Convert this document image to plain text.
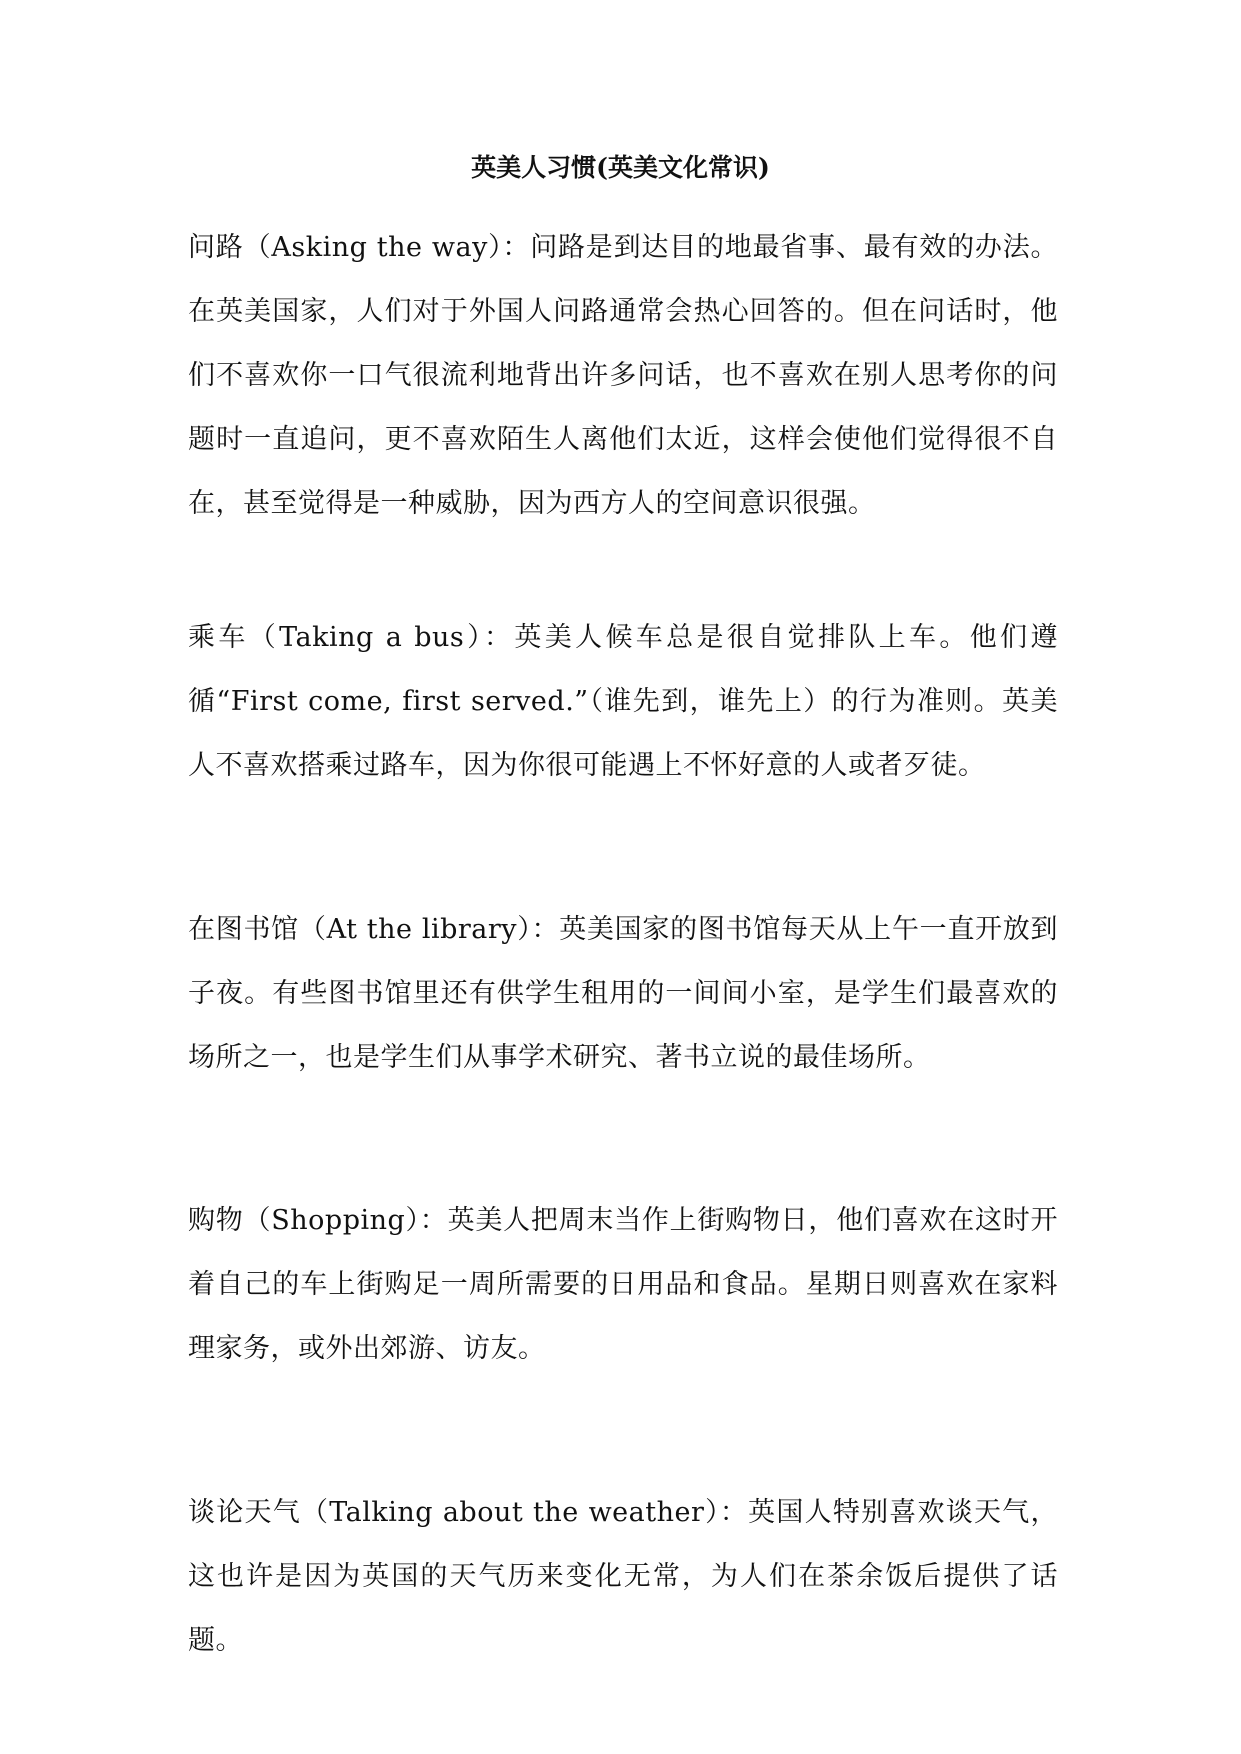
英美人习惯(英美文化常识)

问路（Asking the way）：问路是到达目的地最省事、最有效的办法。在英美国家，人们对于外国人问路通常会热心回答的。但在问话时，他们不喜欢你一口气很流利地背出许多问话，也不喜欢在别人思考你的问题时一直追问，更不喜欢陌生人离他们太近，这样会使他们觉得很不自在，甚至觉得是一种威胁，因为西方人的空间意识很强。

乘车（Taking a bus）：英美人候车总是很自觉排队上车。他们遵循“First come, first served.”（谁先到，谁先上）的行为准则。英美人不喜欢搭乘过路车，因为你很可能遇上不怀好意的人或者歹徒。

在图书馆（At the library）：英美国家的图书馆每天从上午一直开放到子夜。有些图书馆里还有供学生租用的一间间小室，是学生们最喜欢的场所之一，也是学生们从事学术研究、著书立说的最佳场所。

购物（Shopping）：英美人把周末当作上街购物日，他们喜欢在这时开着自己的车上街购足一周所需要的日用品和食品。星期日则喜欢在家料理家务，或外出郊游、访友。

谈论天气（Talking about the weather）：英国人特别喜欢谈天气，这也许是因为英国的天气历来变化无常，为人们在茶余饭后提供了话题。
